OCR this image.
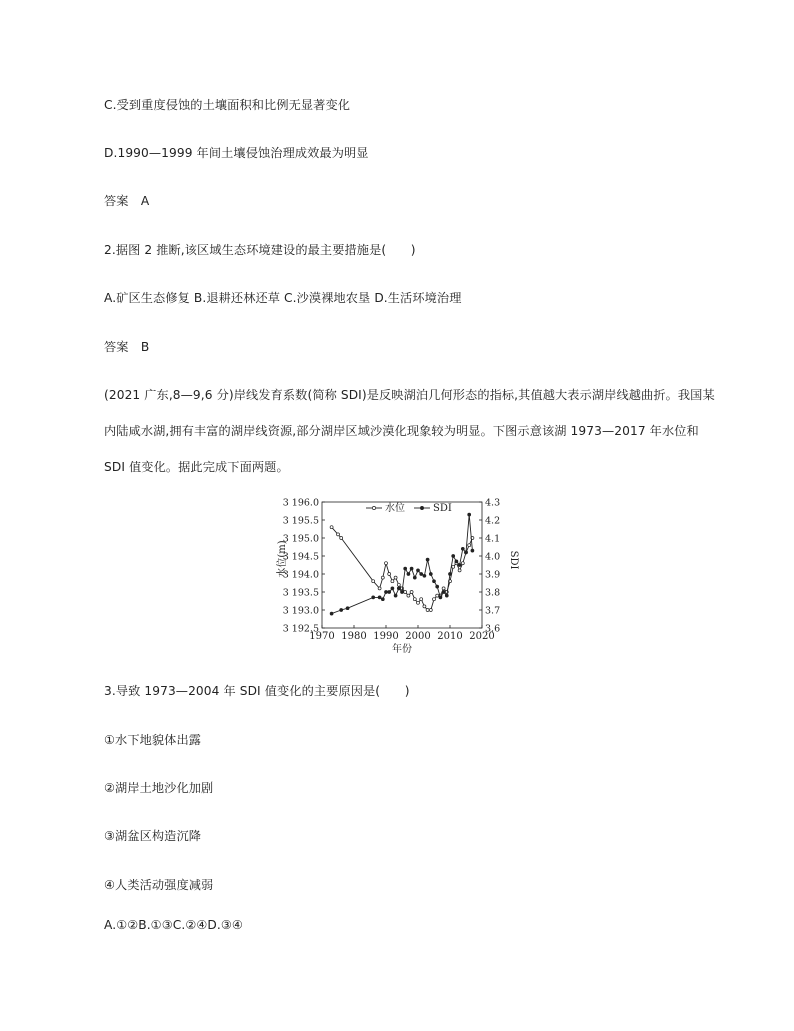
C.受到重度侵蚀的土壤面积和比例无显著变化
D.1990—1999 年间土壤侵蚀治理成效最为明显
答案　A
2.据图 2 推断,该区域生态环境建设的最主要措施是(　　)
A.矿区生态修复 B.退耕还林还草 C.沙漠裸地农垦 D.生活环境治理
答案　B
(2021 广东,8—9,6 分)岸线发育系数(简称 SDI)是反映湖泊几何形态的指标,其值越大表示湖岸线越曲折。我国某
内陆咸水湖,拥有丰富的湖岸线资源,部分湖岸区域沙漠化现象较为明显。下图示意该湖 1973—2017 年水位和
SDI 值变化。据此完成下面两题。
1970 1980 1990 2000 2010 2020
3 192.5
3 193.0
3 193.5
3 194.0
3 194.5
3 195.0
3 195.5
3 196.0
3.6
3.7
3.8
3.9
4.0
4.1
4.2
4.3
年份
水位(m)	SDI
水位	SDI
3.导致 1973—2004 年 SDI 值变化的主要原因是(　　)
①水下地貌体出露
②湖岸土地沙化加剧
③湖盆区构造沉降
④人类活动强度减弱
A.①②B.①③C.②④D.③④
